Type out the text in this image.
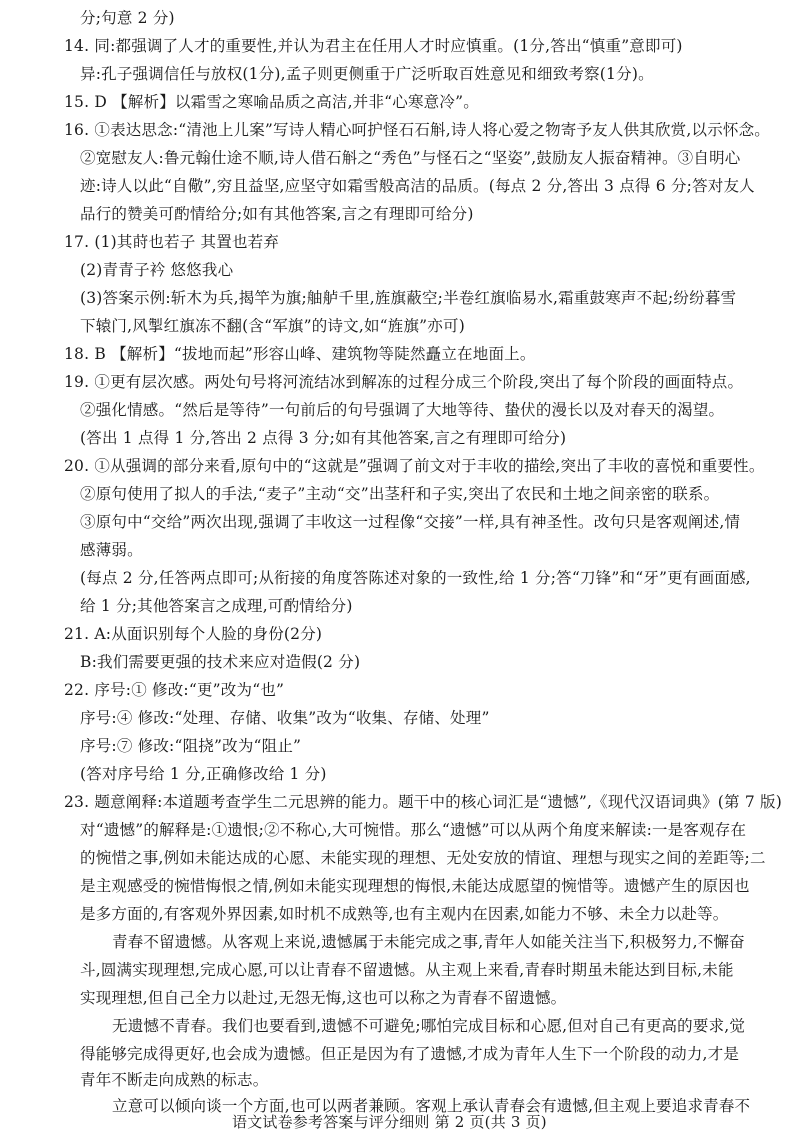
分;句意 2 分)
14. 同:都强调了人才的重要性,并认为君主在任用人才时应慎重。(1分,答出“慎重”意即可)
异:孔子强调信任与放权(1分),孟子则更侧重于广泛听取百姓意见和细致考察(1分)。
15. D 【解析】以霜雪之寒喻品质之高洁,并非“心寒意冷”。
16. ①表达思念:“清池上儿案”写诗人精心呵护怪石石斛,诗人将心爱之物寄予友人供其欣赏,以示怀念。
②宽慰友人:鲁元翰仕途不顺,诗人借石斛之“秀色”与怪石之“坚姿”,鼓励友人振奋精神。③自明心
迹:诗人以此“自儆”,穷且益坚,应坚守如霜雪般高洁的品质。(每点 2 分,答出 3 点得 6 分;答对友人
品行的赞美可酌情给分;如有其他答案,言之有理即可给分)
17. (1)其莳也若子 其置也若弃
(2)青青子衿 悠悠我心
(3)答案示例:斩木为兵,揭竿为旗;舳舻千里,旌旗蔽空;半卷红旗临易水,霜重鼓寒声不起;纷纷暮雪
下辕门,风掣红旗冻不翻(含“军旗”的诗文,如“旌旗”亦可)
18. B 【解析】“拔地而起”形容山峰、建筑物等陡然矗立在地面上。
19. ①更有层次感。两处句号将河流结冰到解冻的过程分成三个阶段,突出了每个阶段的画面特点。
②强化情感。“然后是等待”一句前后的句号强调了大地等待、蛰伏的漫长以及对春天的渴望。
(答出 1 点得 1 分,答出 2 点得 3 分;如有其他答案,言之有理即可给分)
20. ①从强调的部分来看,原句中的“这就是”强调了前文对于丰收的描绘,突出了丰收的喜悦和重要性。
②原句使用了拟人的手法,“麦子”主动“交”出茎秆和子实,突出了农民和土地之间亲密的联系。
③原句中“交给”两次出现,强调了丰收这一过程像“交接”一样,具有神圣性。改句只是客观阐述,情
感薄弱。
(每点 2 分,任答两点即可;从衔接的角度答陈述对象的一致性,给 1 分;答“刀锋”和“牙”更有画面感,
给 1 分;其他答案言之成理,可酌情给分)
21. A:从面识别每个人脸的身份(2分)
B:我们需要更强的技术来应对造假(2 分)
22. 序号:① 修改:“更”改为“也”
序号:④ 修改:“处理、存储、收集”改为“收集、存储、处理”
序号:⑦ 修改:“阻挠”改为“阻止”
(答对序号给 1 分,正确修改给 1 分)
23. 题意阐释:本道题考查学生二元思辨的能力。题干中的核心词汇是“遗憾”,《现代汉语词典》(第 7 版)
对“遗憾”的解释是:①遗恨;②不称心,大可惋惜。那么“遗憾”可以从两个角度来解读:一是客观存在
的惋惜之事,例如未能达成的心愿、未能实现的理想、无处安放的情谊、理想与现实之间的差距等;二
是主观感受的惋惜悔恨之情,例如未能实现理想的悔恨,未能达成愿望的惋惜等。遗憾产生的原因也
是多方面的,有客观外界因素,如时机不成熟等,也有主观内在因素,如能力不够、未全力以赴等。
青春不留遗憾。从客观上来说,遗憾属于未能完成之事,青年人如能关注当下,积极努力,不懈奋
斗,圆满实现理想,完成心愿,可以让青春不留遗憾。从主观上来看,青春时期虽未能达到目标,未能
实现理想,但自己全力以赴过,无怨无悔,这也可以称之为青春不留遗憾。
无遗憾不青春。我们也要看到,遗憾不可避免;哪怕完成目标和心愿,但对自己有更高的要求,觉
得能够完成得更好,也会成为遗憾。但正是因为有了遗憾,才成为青年人生下一个阶段的动力,才是
青年不断走向成熟的标志。
立意可以倾向谈一个方面,也可以两者兼顾。客观上承认青春会有遗憾,但主观上要追求青春不
语文试卷参考答案与评分细则 第 2 页(共 3 页)
